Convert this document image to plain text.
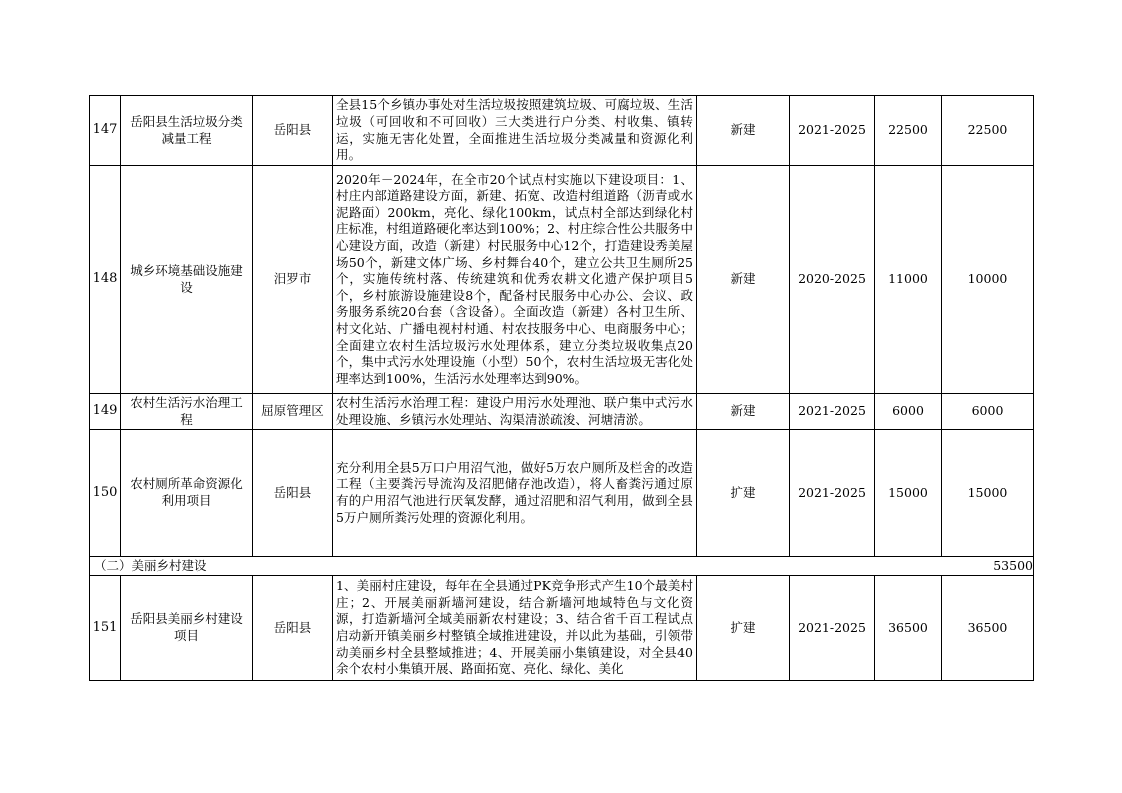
147	岳阳县生活垃圾分类减量工程	岳阳县	全县15个乡镇办事处对生活垃圾按照建筑垃圾、可腐垃圾、生活垃圾（可回收和不可回收）三大类进行户分类、村收集、镇转运，实施无害化处置，全面推进生活垃圾分类减量和资源化利用。	新建	2021-2025	22500	22500
148	城乡环境基础设施建设	汨罗市	2020年－2024年，在全市20个试点村实施以下建设项目：1、村庄内部道路建设方面，新建、拓宽、改造村组道路（沥青或水泥路面）200km，亮化、绿化100km，试点村全部达到绿化村庄标准，村组道路硬化率达到100%；2、村庄综合性公共服务中心建设方面，改造（新建）村民服务中心12个，打造建设秀美屋场50个，新建文体广场、乡村舞台40个，建立公共卫生厕所25个，实施传统村落、传统建筑和优秀农耕文化遗产保护项目5个，乡村旅游设施建设8个，配备村民服务中心办公、会议、政务服务系统20台套（含设备）。全面改造（新建）各村卫生所、村文化站、广播电视村村通、村农技服务中心、电商服务中心；全面建立农村生活垃圾污水处理体系，建立分类垃圾收集点20个，集中式污水处理设施（小型）50个，农村生活垃圾无害化处理率达到100%，生活污水处理率达到90%。	新建	2020-2025	11000	10000
149	农村生活污水治理工程	屈原管理区	农村生活污水治理工程：建设户用污水处理池、联户集中式污水处理设施、乡镇污水处理站、沟渠清淤疏浚、河塘清淤。	新建	2021-2025	6000	6000
150	农村厕所革命资源化利用项目	岳阳县	充分利用全县5万口户用沼气池，做好5万农户厕所及栏舍的改造工程（主要粪污导流沟及沼肥储存池改造），将人畜粪污通过原有的户用沼气池进行厌氧发酵，通过沼肥和沼气利用，做到全县5万户厕所粪污处理的资源化利用。	扩建	2021-2025	15000	15000
（二）美丽乡村建设							53500
151	岳阳县美丽乡村建设项目	岳阳县	1、美丽村庄建设，每年在全县通过PK竞争形式产生10个最美村庄；2、开展美丽新墙河建设，结合新墙河地域特色与文化资源，打造新墙河全域美丽新农村建设；3、结合省千百工程试点启动新开镇美丽乡村整镇全域推进建设，并以此为基础，引领带动美丽乡村全县整域推进；4、开展美丽小集镇建设，对全县40余个农村小集镇开展、路面拓宽、亮化、绿化、美化	扩建	2021-2025	36500	36500
